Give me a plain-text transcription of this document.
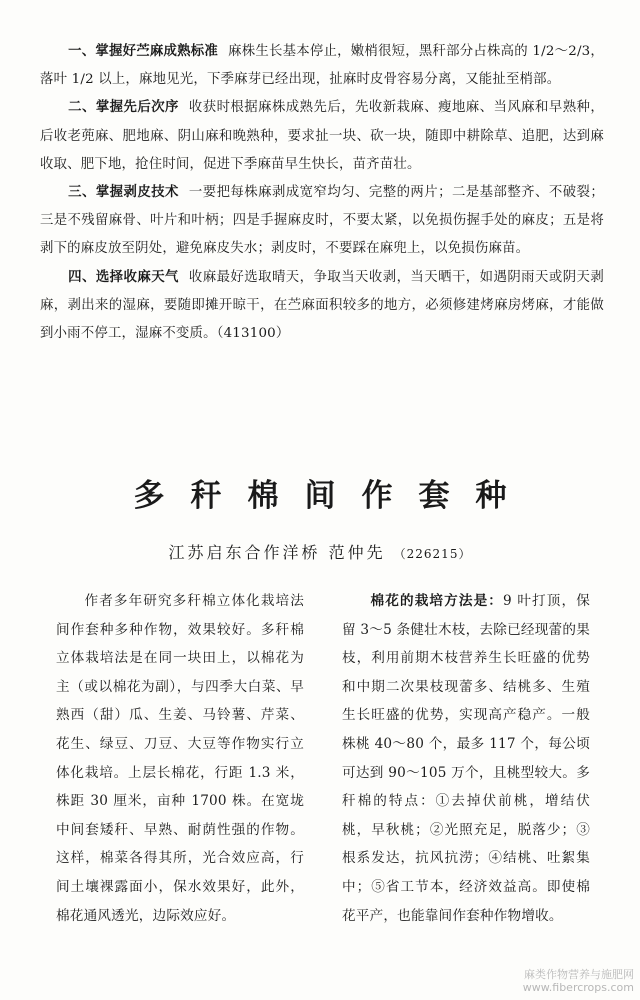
一、掌握好苎麻成熟标准 麻株生长基本停止，嫩梢很短，黑秆部分占株高的 1/2～2/3，落叶 1/2 以上，麻地见光，下季麻芽已经出现，扯麻时皮骨容易分离，又能扯至梢部。

二、掌握先后次序 收获时根据麻株成熟先后，先收新栽麻、瘦地麻、当风麻和早熟种，后收老蔸麻、肥地麻、阴山麻和晚熟种，要求扯一块、砍一块，随即中耕除草、追肥，达到麻收取、肥下地，抢住时间，促进下季麻苗早生快长，苗齐苗壮。

三、掌握剥皮技术 一要把每株麻剥成宽窄均匀、完整的两片；二是基部整齐、不破裂；三是不残留麻骨、叶片和叶柄；四是手握麻皮时，不要太紧，以免损伤握手处的麻皮；五是将剥下的麻皮放至阴处，避免麻皮失水；剥皮时，不要踩在麻兜上，以免损伤麻苗。

四、选择收麻天气 收麻最好选取晴天，争取当天收剥，当天晒干，如遇阴雨天或阴天剥麻，剥出来的湿麻，要随即摊开晾干，在苎麻面积较多的地方，必须修建烤麻房烤麻，才能做到小雨不停工，湿麻不变质。（413100）

多秆棉间作套种
江苏启东合作洋桥 范仲先 （226215）

作者多年研究多秆棉立体化栽培法间作套种多种作物，效果较好。多秆棉立体栽培法是在同一块田上，以棉花为主（或以棉花为副），与四季大白菜、早熟西（甜）瓜、生姜、马铃薯、芹菜、花生、绿豆、刀豆、大豆等作物实行立体化栽培。上层长棉花，行距 1.3 米，株距 30 厘米，亩种 1700 株。在宽垅中间套矮秆、早熟、耐荫性强的作物。这样，棉菜各得其所，光合效应高，行间土壤裸露面小，保水效果好，此外，棉花通风透光，边际效应好。

棉花的栽培方法是：9 叶打顶，保留 3～5 条健壮木枝，去除已经现蕾的果枝，利用前期木枝营养生长旺盛的优势和中期二次果枝现蕾多、结桃多、生殖生长旺盛的优势，实现高产稳产。一般株桃 40～80 个，最多 117 个，每公顷可达到 90～105 万个，且桃型较大。多秆棉的特点：①去掉伏前桃，增结伏桃，早秋桃；②光照充足，脱落少；③根系发达，抗风抗涝；④结桃、吐絮集中；⑤省工节本，经济效益高。即使棉花平产，也能靠间作套种作物增收。

麻类作物营养与施肥网
www.fibercrops.com
